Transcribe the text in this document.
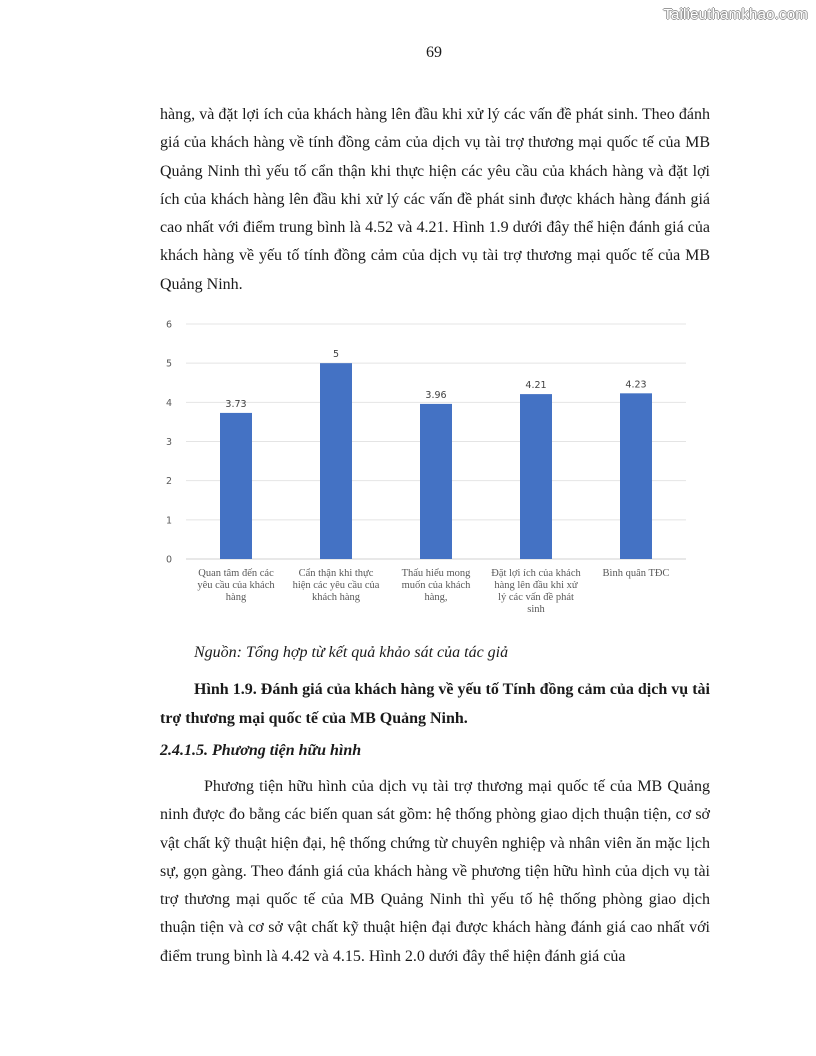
Tailieuthamkhao.com
69

hàng, và đặt lợi ích của khách hàng lên đầu khi xử lý các vấn đề phát sinh. Theo đánh giá của khách hàng về tính đồng cảm của dịch vụ tài trợ thương mại quốc tế của MB Quảng Ninh thì yếu tố cẩn thận khi thực hiện các yêu cầu của khách hàng và đặt lợi ích của khách hàng lên đầu khi xử lý các vấn đề phát sinh được khách hàng đánh giá cao nhất với điểm trung bình là 4.52 và 4.21. Hình 1.9 dưới đây thể hiện đánh giá của khách hàng về yếu tố tính đồng cảm của dịch vụ tài trợ thương mại quốc tế của MB Quảng Ninh.

0
1
2
3
4
5
6
3.73
5
3.96
4.21	4.23
Quan tâm đến các yêu cầu của khách hàng
Cẩn thận khi thực hiện các yêu cầu của khách hàng
Thấu hiểu mong muốn của khách hàng,
Đặt lợi ích của khách hàng lên đầu khi xử lý các vấn đề phát sinh
Bình quân TĐC
Nguồn: Tổng hợp từ kết quả khảo sát của tác giả

Hình 1.9. Đánh giá của khách hàng về yếu tố Tính đồng cảm của dịch vụ tài trợ thương mại quốc tế của MB Quảng Ninh.

2.4.1.5. Phương tiện hữu hình

Phương tiện hữu hình của dịch vụ tài trợ thương mại quốc tế của MB Quảng ninh được đo bằng các biến quan sát gồm: hệ thống phòng giao dịch thuận tiện, cơ sở vật chất kỹ thuật hiện đại, hệ thống chứng từ chuyên nghiệp và nhân viên ăn mặc lịch sự, gọn gàng. Theo đánh giá của khách hàng về phương tiện hữu hình của dịch vụ tài trợ thương mại quốc tế của MB Quảng Ninh thì yếu tố hệ thống phòng giao dịch thuận tiện và cơ sở vật chất kỹ thuật hiện đại được khách hàng đánh giá cao nhất với điểm trung bình là 4.42 và 4.15. Hình 2.0 dưới đây thể hiện đánh giá của
